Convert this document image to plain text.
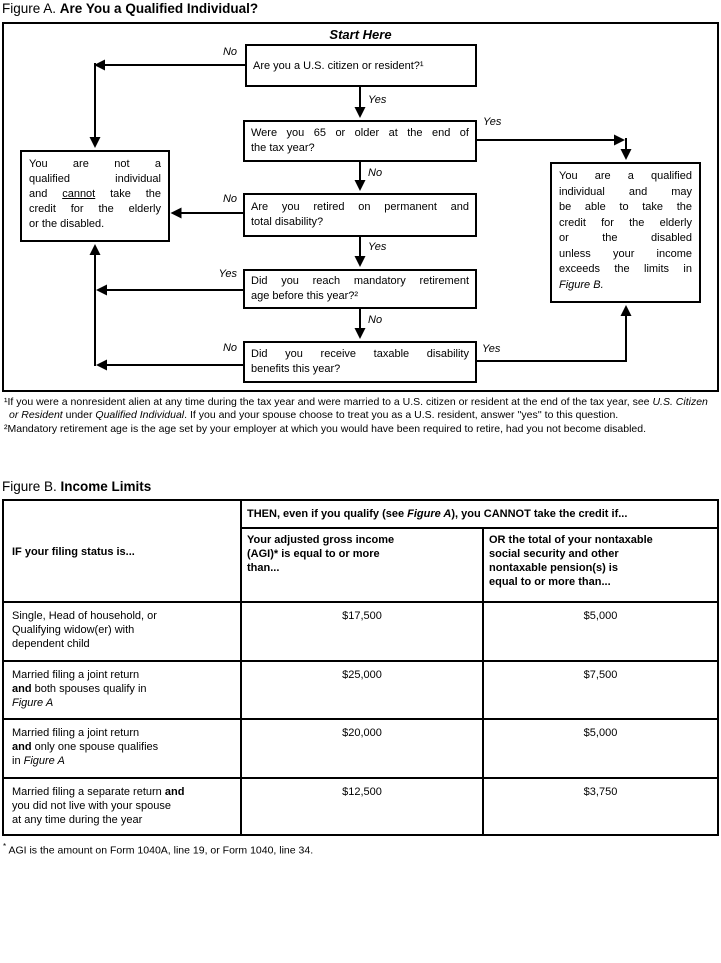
Figure A. Are You a Qualified Individual?
Start Here
Are you a U.S. citizen or resident?¹
Were you 65 or older at the end of
the tax year?
Are you retired on permanent and
total disability?
Did you reach mandatory retirement
age before this year?²
Did you receive taxable disability
benefits this year?
You are not a
qualified individual
and cannot take the
credit for the elderly
or the disabled.
You are a qualified
individual and may
be able to take the
credit for the elderly
or the disabled
unless your income
exceeds the limits in
Figure B.
No
Yes
Yes
No
No
Yes
Yes
No
No	Yes
¹If you were a nonresident alien at any time during the tax year and were married to a U.S. citizen or resident at the end of the tax year, see U.S. Citizen or Resident under Qualified Individual. If you and your spouse choose to treat you as a U.S. resident, answer ''yes'' to this question.
²Mandatory retirement age is the age set by your employer at which you would have been required to retire, had you not become disabled.
Figure B. Income Limits
IF your filing status is...
THEN, even if you qualify (see Figure A), you CANNOT take the credit if...
Your adjusted gross income
(AGI)* is equal to or more
than...
OR the total of your nontaxable
social security and other
nontaxable pension(s) is
equal to or more than...
Single, Head of household, or
Qualifying widow(er) with
dependent child
$17,500	$5,000
Married filing a joint return
and both spouses qualify in
Figure A
$25,000	$7,500
Married filing a joint return
and only one spouse qualifies
in Figure A
$20,000	$5,000
Married filing a separate return and
you did not live with your spouse
at any time during the year
$12,500	$3,750
* AGI is the amount on Form 1040A, line 19, or Form 1040, line 34.
